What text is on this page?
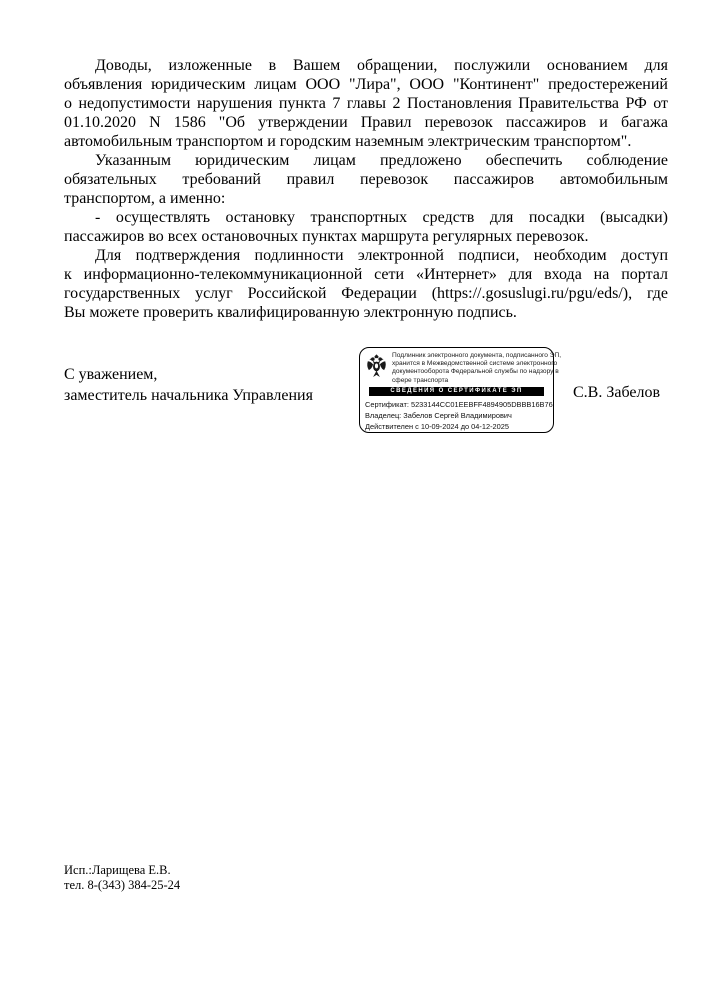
Доводы, изложенные в Вашем обращении, послужили основанием для
объявления юридическим лицам ООО "Лира", ООО "Континент" предостережений
о недопустимости нарушения пункта 7 главы 2 Постановления Правительства РФ от
01.10.2020 N 1586 "Об утверждении Правил перевозок пассажиров и багажа
автомобильным транспортом и городским наземным электрическим транспортом".
Указанным юридическим лицам предложено обеспечить соблюдение
обязательных требований правил перевозок пассажиров автомобильным
транспортом, а именно:
- осуществлять остановку транспортных средств для посадки (высадки)
пассажиров во всех остановочных пунктах маршрута регулярных перевозок.
Для подтверждения подлинности электронной подписи, необходим доступ
к информационно-телекоммуникационной сети «Интернет» для входа на портал
государственных услуг Российской Федерации (https://.gosuslugi.ru/pgu/eds/), где
Вы можете проверить квалифицированную электронную подпись.
С уважением,
заместитель начальника Управления	С.В. Забелов
Подлинник электронного документа, подписанного ЭП,
хранится в Межведомственной системе электронного
документооборота Федеральной службы по надзору в
сфере транспорта
СВЕДЕНИЯ О СЕРТИФИКАТЕ ЭП
Сертификат: 5233144CC01EEBFF4894905DBBB16B76
Владелец: Забелов Сергей Владимирович
Действителен с 10-09-2024 до 04-12-2025
Исп.:Ларищева Е.В.
тел. 8-(343) 384-25-24
